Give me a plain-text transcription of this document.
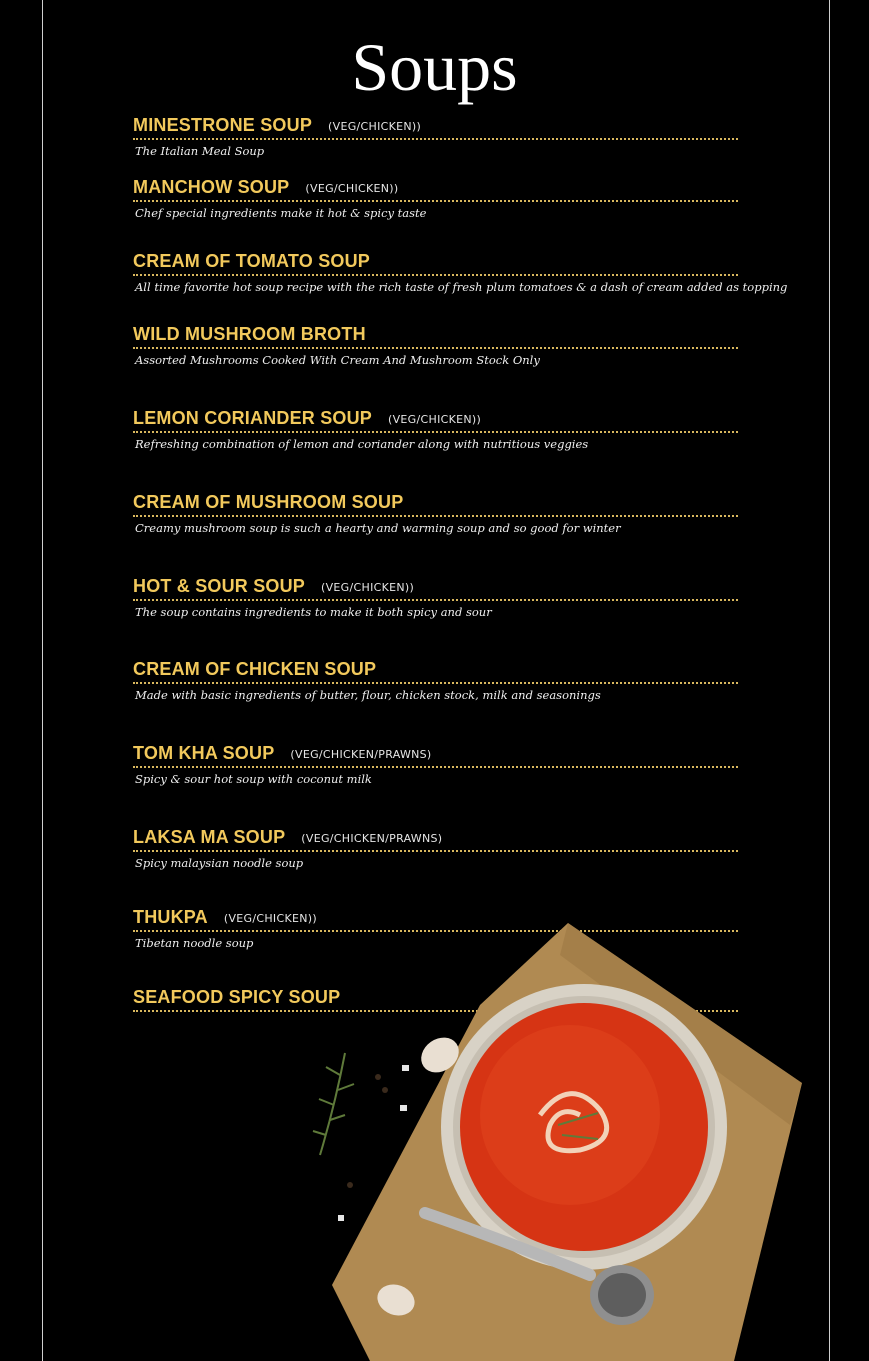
Soups
MINESTRONE SOUP (VEG/CHICKEN))
The Italian Meal Soup
MANCHOW SOUP (VEG/CHICKEN))
Chef special ingredients make it hot & spicy taste
CREAM OF TOMATO SOUP
All time favorite hot soup recipe with the rich taste of fresh plum tomatoes & a dash of cream added as topping
WILD MUSHROOM BROTH
Assorted Mushrooms Cooked With Cream And Mushroom Stock Only
LEMON CORIANDER SOUP (VEG/CHICKEN))
Refreshing combination of lemon and coriander along with nutritious veggies
CREAM OF MUSHROOM SOUP
Creamy mushroom soup is such a hearty and warming soup and so good for winter
HOT & SOUR SOUP (VEG/CHICKEN))
The soup contains ingredients to make it both spicy and sour
CREAM OF CHICKEN SOUP
Made with basic ingredients of butter, flour, chicken stock, milk and seasonings
TOM KHA SOUP (VEG/CHICKEN/PRAWNS)
Spicy & sour hot soup with coconut milk
LAKSA MA SOUP (VEG/CHICKEN/PRAWNS)
Spicy malaysian noodle soup
THUKPA (VEG/CHICKEN))
Tibetan noodle soup
SEAFOOD SPICY SOUP
